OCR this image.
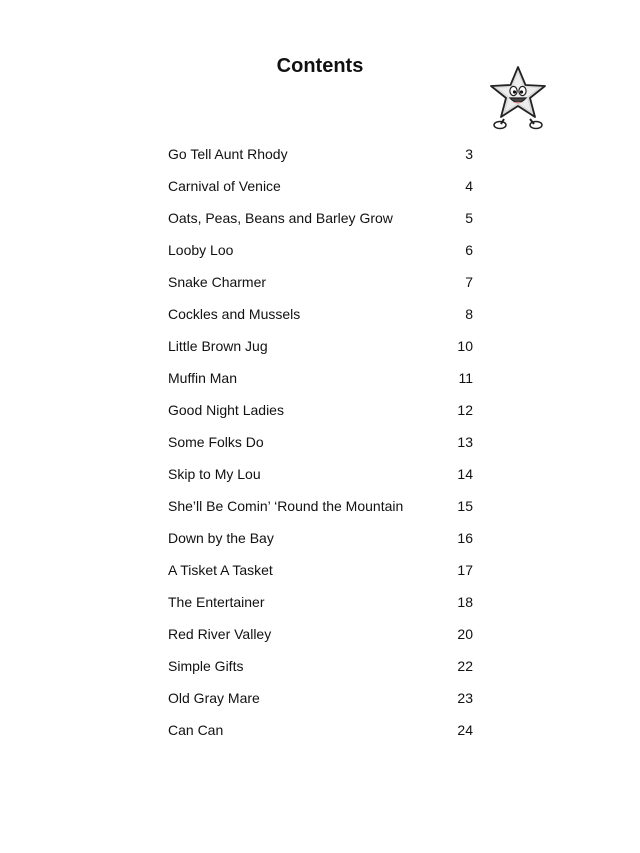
Contents
Go Tell Aunt Rhody	3
Carnival of Venice	4
Oats, Peas, Beans and Barley Grow	5
Looby Loo	6
Snake Charmer	7
Cockles and Mussels	8
Little Brown Jug	10
Muffin Man	11
Good Night Ladies	12
Some Folks Do	13
Skip to My Lou	14
She’ll Be Comin’ ‘Round the Mountain	15
Down by the Bay	16
A Tisket A Tasket	17
The Entertainer	18
Red River Valley	20
Simple Gifts	22
Old Gray Mare	23
Can Can	24
